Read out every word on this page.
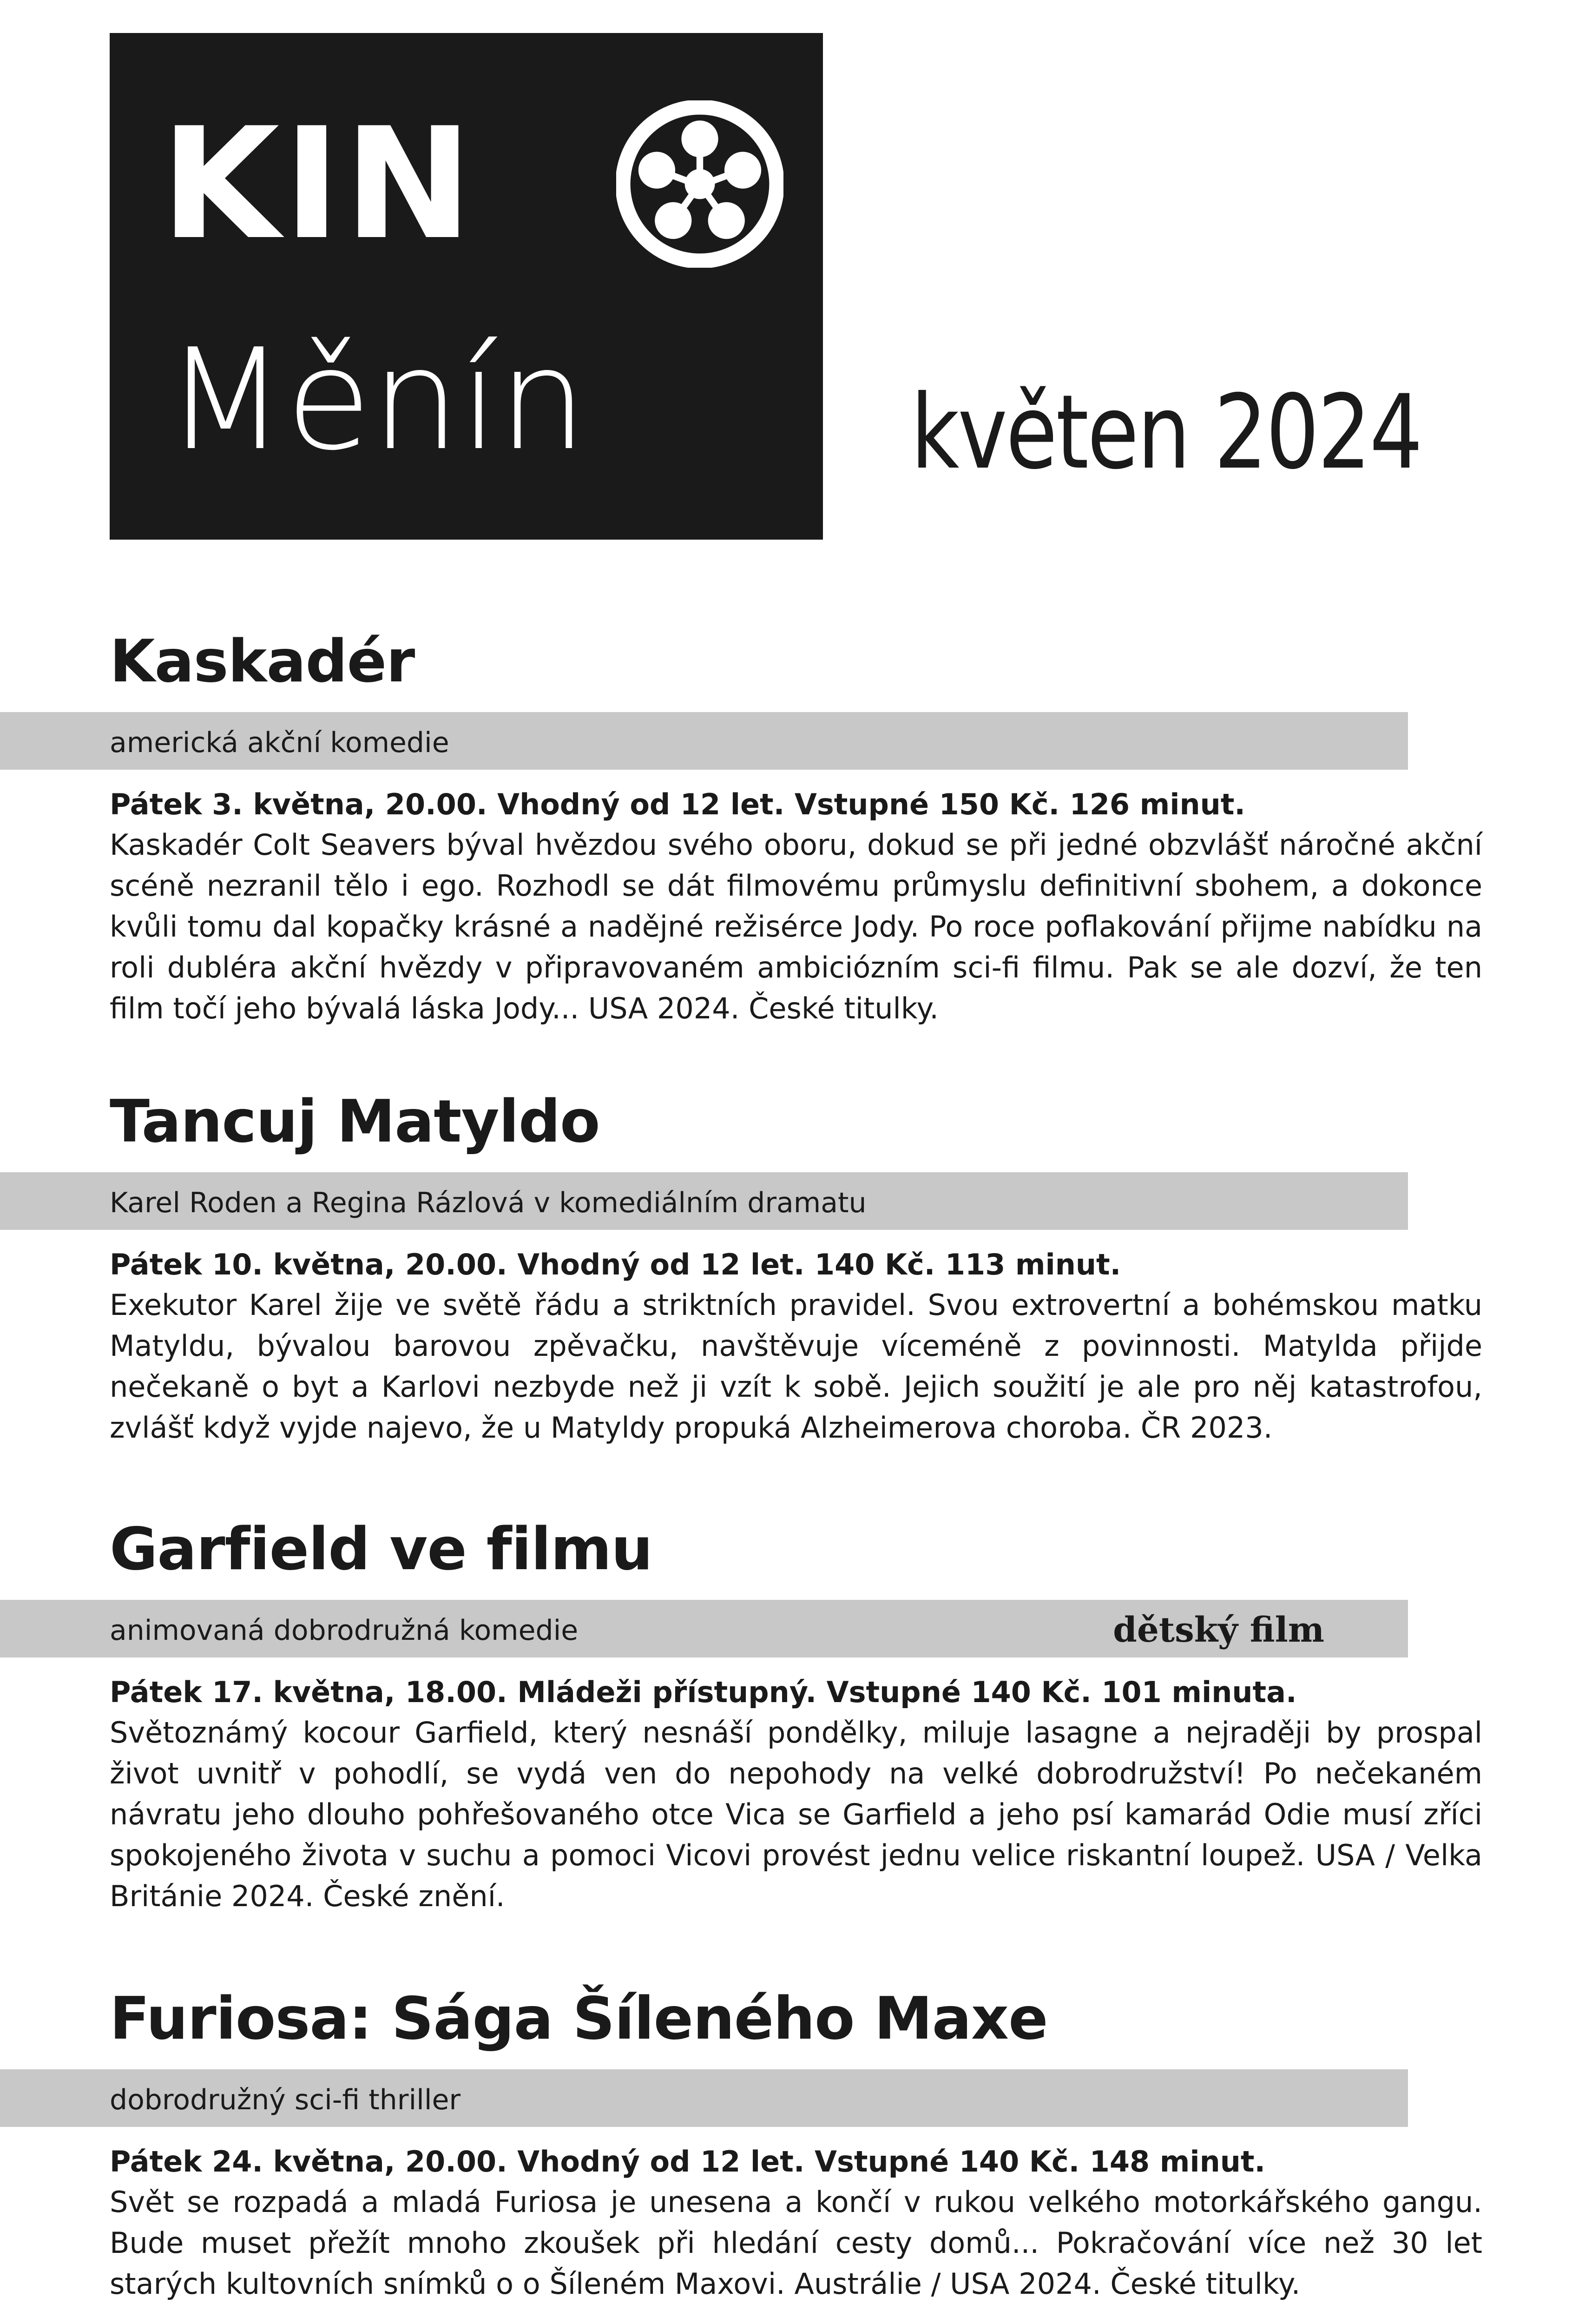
KIN
Měnín	květen 2024
Kaskadér
americká akční komedie
Pátek 3. května, 20.00. Vhodný od 12 let. Vstupné 150 Kč. 126 minut.
Kaskadér Colt Seavers býval hvězdou svého oboru, dokud se při jedné obzvlášť náročné akční scéně nezranil tělo i ego. Rozhodl se dát filmovému průmyslu definitivní sbohem, a dokonce kvůli tomu dal kopačky krásné a nadějné režisérce Jody. Po roce poflakování přijme nabídku na roli dubléra akční hvězdy v připravovaném ambiciózním sci-fi filmu. Pak se ale dozví, že ten film točí jeho bývalá láska Jody... USA 2024. České titulky.
Tancuj Matyldo
Karel Roden a Regina Rázlová v komediálním dramatu
Pátek 10. května, 20.00. Vhodný od 12 let. 140 Kč. 113 minut.
Exekutor Karel žije ve světě řádu a striktních pravidel. Svou extrovertní a bohémskou matku Matyldu, bývalou barovou zpěvačku, navštěvuje víceméně z povinnosti. Matylda přijde nečekaně o byt a Karlovi nezbyde než ji vzít k sobě. Jejich soužití je ale pro něj katastrofou, zvlášť když vyjde najevo, že u Matyldy propuká Alzheimerova choroba. ČR 2023.
Garfield ve filmu
animovaná dobrodružná komedie	dětský film
Pátek 17. května, 18.00. Mládeži přístupný. Vstupné 140 Kč. 101 minuta.
Světoznámý kocour Garfield, který nesnáší pondělky, miluje lasagne a nejraději by prospal život uvnitř v pohodlí, se vydá ven do nepohody na velké dobrodružství! Po nečekaném návratu jeho dlouho pohřešovaného otce Vica se Garfield a jeho psí kamarád Odie musí zříci spokojeného života v suchu a pomoci Vicovi provést jednu velice riskantní loupež. USA / Velka Británie 2024. České znění.
Furiosa: Sága Šíleného Maxe
dobrodružný sci-fi thriller
Pátek 24. května, 20.00. Vhodný od 12 let. Vstupné 140 Kč. 148 minut.
Svět se rozpadá a mladá Furiosa je unesena a končí v rukou velkého motorkářského gangu. Bude muset přežít mnoho zkoušek při hledání cesty domů... Pokračování více než 30 let starých kultovních snímků o o Šíleném Maxovi. Austrálie / USA 2024. České titulky.
